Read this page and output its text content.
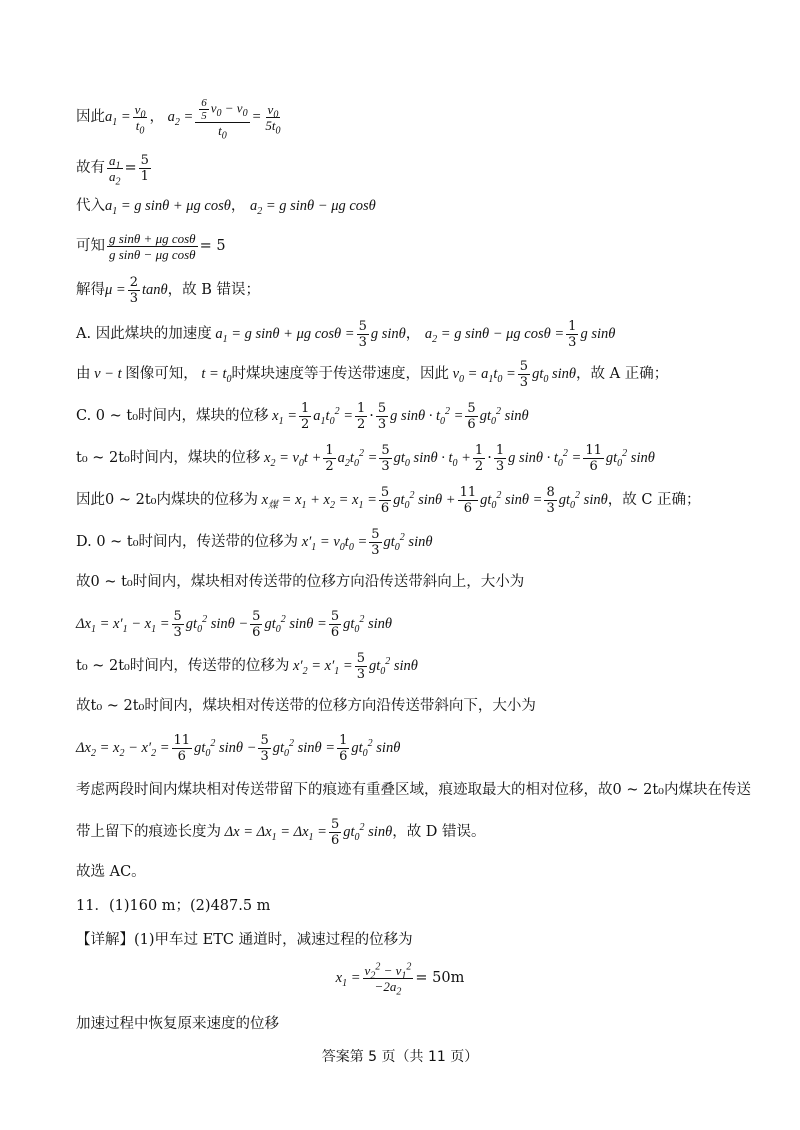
因此 $a_1 = \frac{v_0}{t_0}$ ， $a_2 = \frac{\frac{6}{5} v_0 - v_0}{t_0} = \frac{v_0}{5t_0}$
故有 $\frac{a_1}{a_2} = \frac{5}{1}$
代入 $a_1 = g$ sinθ + μg cosθ ， $a_2 = g$ sinθ − μg cosθ
可知 $\frac{\text{g sinθ + μg cosθ}}{\text{g sinθ − μg cosθ}} = 5$
解得 $\mu = \frac{2}{3}$ tanθ ，故 B 错误；
A. 因此煤块的加速度 $a_1 = g$ sinθ + μg $\cos\theta = \frac{5}{3}$ g sinθ ， $a_2 = g$ sinθ − μg $\cos\theta = \frac{1}{3}$ g sinθ
由 v − t 图像可知， $t = t_0$ 时煤块速度等于传送带速度，因此 $v_0 = a_1t_0 = \frac{5}{3} gt_0$ sinθ ，故 A 正确；
C. 0 ~ t₀时间内，煤块的位移 $x_1 = \frac{1}{2} a_1t_0^2 = \frac{1}{2} \cdot \frac{5}{3}$ g $\sin\theta \cdot t_0^2 = \frac{5}{6} gt_0^2$ sinθ
t₀ ~ 2t₀时间内，煤块的位移 $x_2 = v_0t + \frac{1}{2} a_2t_0^2 = \frac{5}{3} gt_0$ $\sin\theta \cdot t_0 + \frac{1}{2} \cdot \frac{1}{3}$ g $\sin\theta \cdot t_0^2 = \frac{11}{6} gt_0^2$ sinθ
因此0 ~ 2t₀内煤块的位移为 $x_煤 = x_1 + x_2 = x_1 = \frac{5}{6} gt_0^2$ $\sin\theta + \frac{11}{6} gt_0^2$ $\sin\theta = \frac{8}{3} gt_0^2$ sinθ ，故 C 正确；
D. 0 ~ t₀时间内，传送带的位移为 $x'_1 = v_0t_0 = \frac{5}{3} gt_0^2$ sinθ
故0 ~ t₀时间内，煤块相对传送带的位移方向沿传送带斜向上，大小为
$\Delta x_1 = x'_1 - x_1 = \frac{5}{3} gt_0^2$ $\sin\theta - \frac{5}{6} gt_0^2$ $\sin\theta = \frac{5}{6} gt_0^2$ sinθ
t₀ ~ 2t₀时间内，传送带的位移为 $x'_2 = x'_1 = \frac{5}{3} gt_0^2$ sinθ
故t₀ ~ 2t₀时间内，煤块相对传送带的位移方向沿传送带斜向下，大小为
$\Delta x_2 = x_2 - x'_2 = \frac{11}{6} gt_0^2$ $\sin\theta - \frac{5}{3} gt_0^2$ $\sin\theta = \frac{1}{6} gt_0^2$ sinθ
考虑两段时间内煤块相对传送带留下的痕迹有重叠区域，痕迹取最大的相对位移，故0 ~ 2t₀内煤块在传送
带上留下的痕迹长度为 $\Delta x = \Delta x_1 = \Delta x_1 = \frac{5}{6} gt_0^2$ sinθ ，故 D 错误。
故选 AC。
11．(1)160 m；(2)487.5 m
【详解】(1)甲车过 ETC 通道时，减速过程的位移为
$x_1 = \frac{v_2^2 - v_1^2}{-2a_2} = 50m$
加速过程中恢复原来速度的位移
答案第 5 页（共 11 页）
